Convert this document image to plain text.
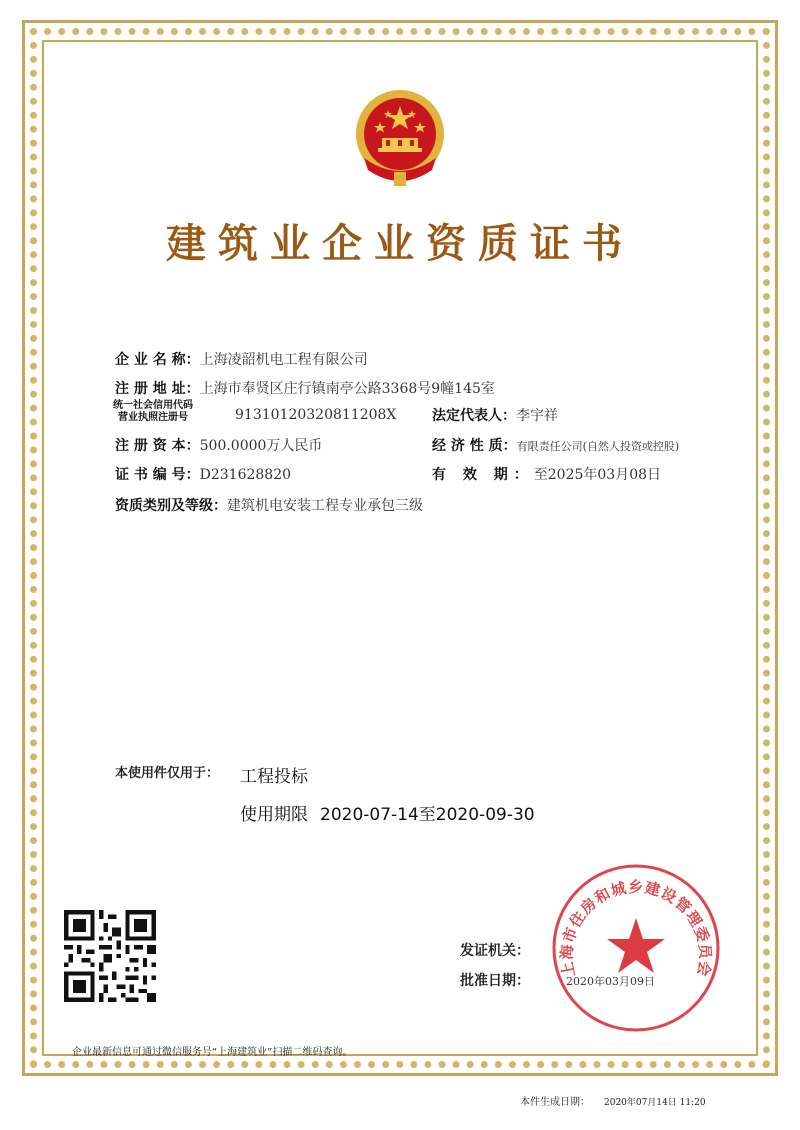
建筑业企业资质证书
企 业 名 称：上海凌韶机电工程有限公司
注 册 地 址：上海市奉贤区庄行镇南亭公路3368号9幢145室
统一社会信用代码
营业执照注册号	91310120320811208X	法定代表人：李宇祥
注 册 资 本：500.0000万人民币	经 济 性 质：有限责任公司(自然人投资或控股)
证 书 编 号：D231628820	有 效 期：至2025年03月08日
资质类别及等级：建筑机电安装工程专业承包三级
本使用件仅用于： 工程投标
使用期限 2020-07-14至2020-09-30
发证机关：
批准日期：	2020年03月09日
上海市住房和城乡建设管理委员会
企业最新信息可通过微信服务号“上海建筑业”扫描二维码查询。
本件生成日期： 2020年07月14日 11:20
